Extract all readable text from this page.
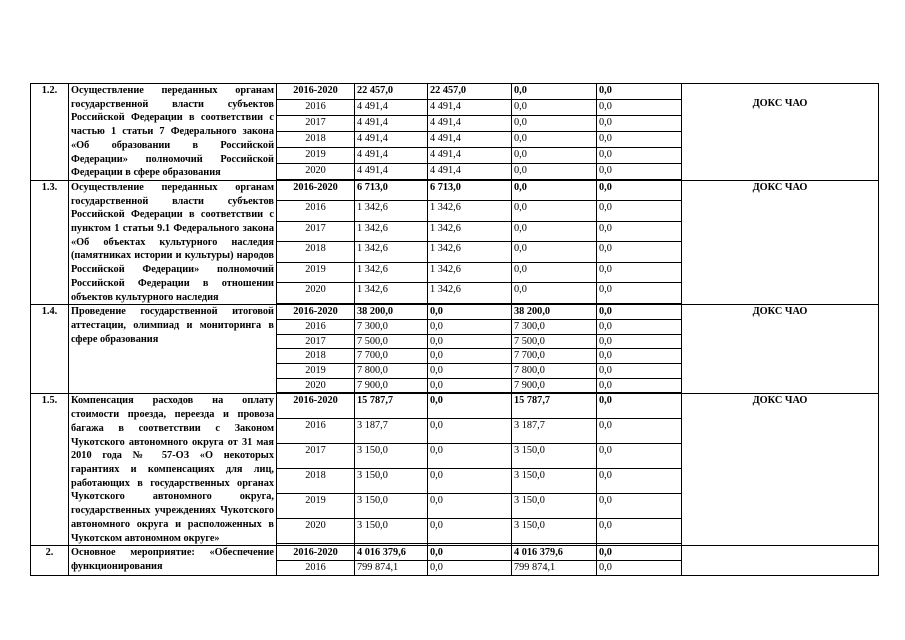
1.2.	Осуществление переданных органам государственной власти субъектов Российской Федерации в соответствии с частью 1 статьи 7 Федерального закона «Об образовании в Российской Федерации» полномочий Российской Федерации в сфере образования	2016-2020	22 457,0	22 457,0	0,0	0,0	ДОКС ЧАО

		2016	4 491,4	4 491,4	0,0	0,0	
		2017	4 491,4	4 491,4	0,0	0,0	
		2018	4 491,4	4 491,4	0,0	0,0	
		2019	4 491,4	4 491,4	0,0	0,0	
		2020	4 491,4	4 491,4	0,0	0,0	

1.3.	Осуществление переданных органам государственной власти субъектов Российской Федерации в соответствии с пунктом 1 статьи 9.1 Федерального закона «Об объектах культурного наследия (памятниках истории и культуры) народов Российской Федерации» полномочий Российской Федерации в отношении объектов культурного наследия	2016-2020	6 713,0	6 713,0	0,0	0,0	ДОКС ЧАО
		2016	1 342,6	1 342,6	0,0	0,0	
		2017	1 342,6	1 342,6	0,0	0,0	
		2018	1 342,6	1 342,6	0,0	0,0	
		2019	1 342,6	1 342,6	0,0	0,0	
		2020	1 342,6	1 342,6	0,0	0,0	

1.4.	Проведение государственной итоговой аттестации, олимпиад и мониторинга в сфере образования	2016-2020	38 200,0	0,0	38 200,0	0,0	ДОКС ЧАО
		2016	7 300,0	0,0	7 300,0	0,0	
		2017	7 500,0	0,0	7 500,0	0,0	
		2018	7 700,0	0,0	7 700,0	0,0	
		2019	7 800,0	0,0	7 800,0	0,0	
		2020	7 900,0	0,0	7 900,0	0,0	

1.5.	Компенсация расходов на оплату стоимости проезда, переезда и провоза багажа в соответствии с Законом Чукотского автономного округа от 31 мая 2010 года № 57-ОЗ «О некоторых гарантиях и компенсациях для лиц, работающих в государственных органах Чукотского автономного округа, государственных учреждениях Чукотского автономного округа и расположенных в Чукотском автономном округе»	2016-2020	15 787,7	0,0	15 787,7	0,0	ДОКС ЧАО
		2016	3 187,7	0,0	3 187,7	0,0	
		2017	3 150,0	0,0	3 150,0	0,0	
		2018	3 150,0	0,0	3 150,0	0,0	
		2019	3 150,0	0,0	3 150,0	0,0	
		2020	3 150,0	0,0	3 150,0	0,0	

2.	Основное мероприятие: «Обеспечение функционирования	2016-2020	4 016 379,6	0,0	4 016 379,6	0,0	
		2016	799 874,1	0,0	799 874,1	0,0	
